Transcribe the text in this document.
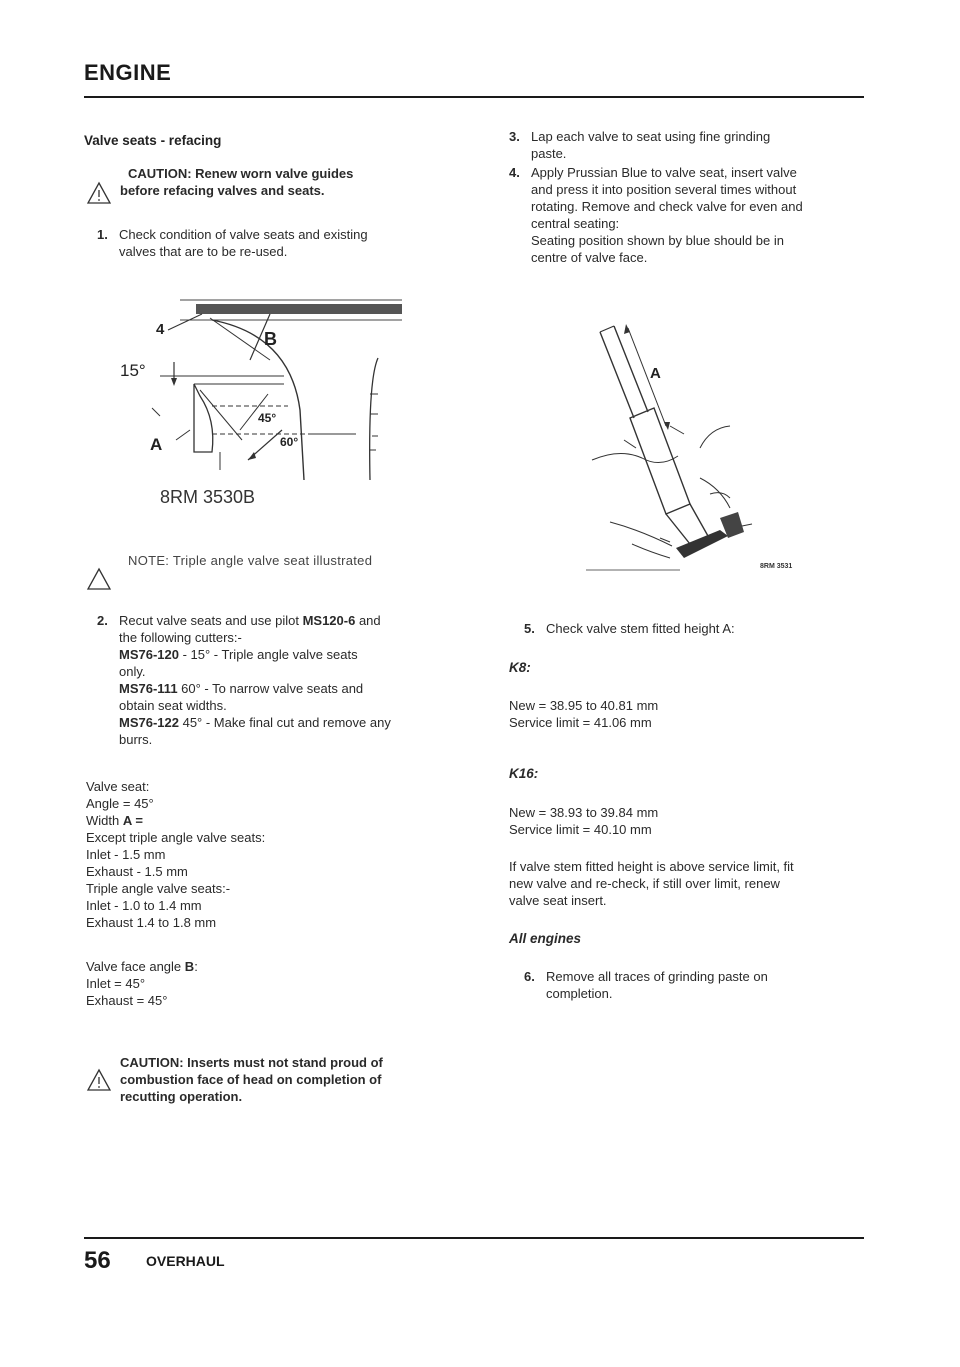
ENGINE
Valve seats - refacing
CAUTION: Renew worn valve guides
before refacing valves and seats.
1. Check condition of valve seats and existing
valves that are to be re-used.
4	B
15°
A
45°
60°
8RM 3530B
NOTE: Triple angle valve seat illustrated
2. Recut valve seats and use pilot MS120-6 and
the following cutters:-
MS76-120 - 15° - Triple angle valve seats
only.
MS76-111 60° - To narrow valve seats and
obtain seat widths.
MS76-122 45° - Make final cut and remove any
burrs.
Valve seat:
Angle = 45°
Width A =
Except triple angle valve seats:
Inlet - 1.5 mm
Exhaust - 1.5 mm
Triple angle valve seats:-
Inlet - 1.0 to 1.4 mm
Exhaust 1.4 to 1.8 mm
Valve face angle B:
Inlet = 45°
Exhaust = 45°
CAUTION: Inserts must not stand proud of
combustion face of head on completion of
recutting operation.
3. Lap each valve to seat using fine grinding
paste.
4. Apply Prussian Blue to valve seat, insert valve
and press it into position several times without
rotating. Remove and check valve for even and
central seating:
Seating position shown by blue should be in
centre of valve face.
A
8RM 3531
5. Check valve stem fitted height A:
K8:
New = 38.95 to 40.81 mm
Service limit = 41.06 mm
K16:
New = 38.93 to 39.84 mm
Service limit = 40.10 mm
If valve stem fitted height is above service limit, fit
new valve and re-check, if still over limit, renew
valve seat insert.
All engines
6. Remove all traces of grinding paste on
completion.
56	OVERHAUL
